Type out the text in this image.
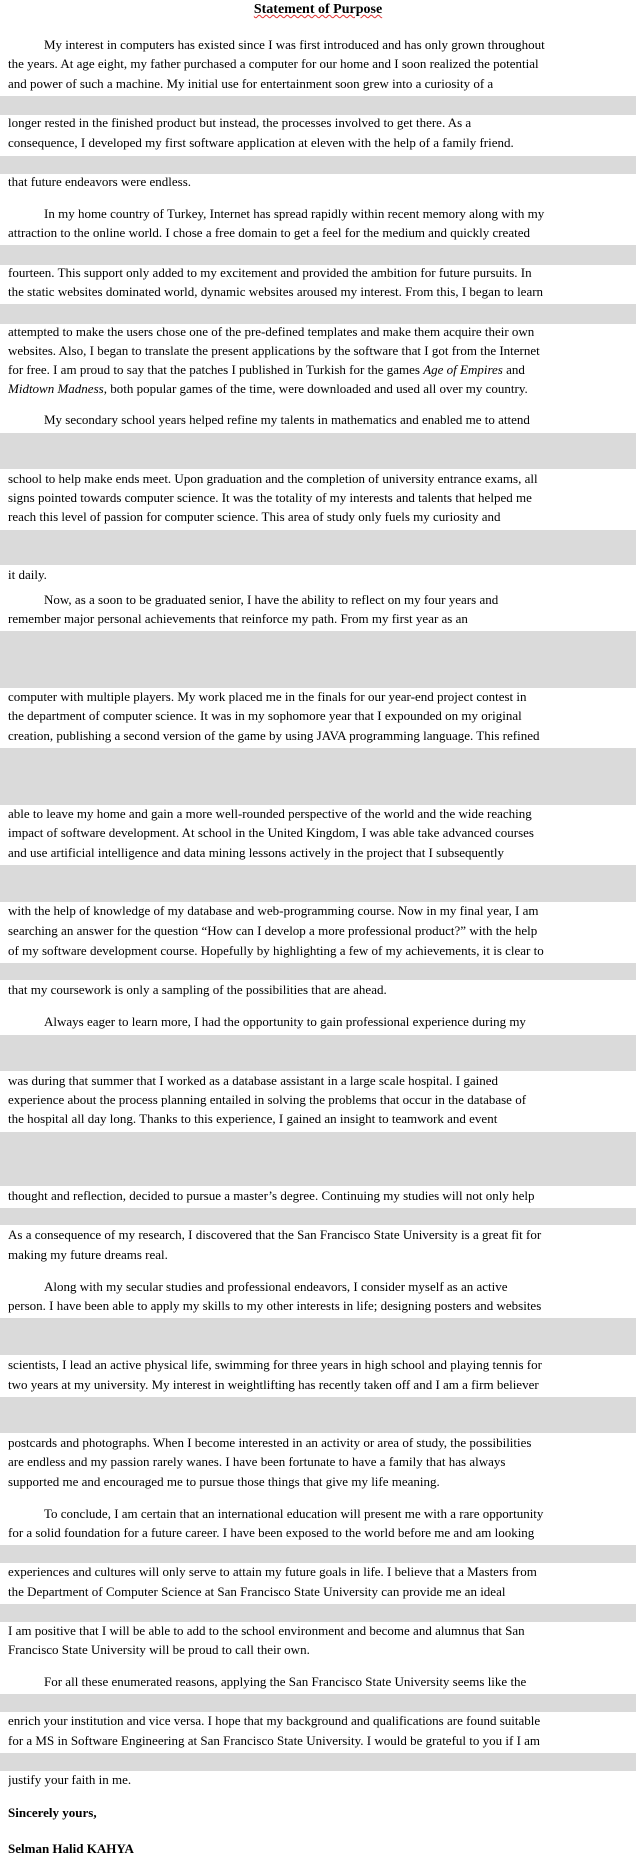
Statement of Purpose
My interest in computers has existed since I was first introduced and has only grown throughout
the years. At age eight, my father purchased a computer for our home and I soon realized the potential
and power of such a machine. My initial use for entertainment soon grew into a curiosity of a
longer rested in the finished product but instead, the processes involved to get there. As a
consequence, I developed my first software application at eleven with the help of a family friend.
that future endeavors were endless.
In my home country of Turkey, Internet has spread rapidly within recent memory along with my
attraction to the online world. I chose a free domain to get a feel for the medium and quickly created
fourteen. This support only added to my excitement and provided the ambition for future pursuits. In
the static websites dominated world, dynamic websites aroused my interest. From this, I began to learn
attempted to make the users chose one of the pre-defined templates and make them acquire their own
websites. Also, I began to translate the present applications by the software that I got from the Internet
for free. I am proud to say that the patches I published in Turkish for the games Age of Empires and
Midtown Madness, both popular games of the time, were downloaded and used all over my country.
My secondary school years helped refine my talents in mathematics and enabled me to attend
school to help make ends meet. Upon graduation and the completion of university entrance exams, all
signs pointed towards computer science. It was the totality of my interests and talents that helped me
reach this level of passion for computer science. This area of study only fuels my curiosity and
it daily.
Now, as a soon to be graduated senior, I have the ability to reflect on my four years and
remember major personal achievements that reinforce my path. From my first year as an
computer with multiple players. My work placed me in the finals for our year-end project contest in
the department of computer science. It was in my sophomore year that I expounded on my original
creation, publishing a second version of the game by using JAVA programming language. This refined
able to leave my home and gain a more well-rounded perspective of the world and the wide reaching
impact of software development. At school in the United Kingdom, I was able take advanced courses
and use artificial intelligence and data mining lessons actively in the project that I subsequently
with the help of knowledge of my database and web-programming course. Now in my final year, I am
searching an answer for the question “How can I develop a more professional product?” with the help
of my software development course. Hopefully by highlighting a few of my achievements, it is clear to
that my coursework is only a sampling of the possibilities that are ahead.
Always eager to learn more, I had the opportunity to gain professional experience during my
was during that summer that I worked as a database assistant in a large scale hospital. I gained
experience about the process planning entailed in solving the problems that occur in the database of
the hospital all day long. Thanks to this experience, I gained an insight to teamwork and event
thought and reflection, decided to pursue a master’s degree. Continuing my studies will not only help
As a consequence of my research, I discovered that the San Francisco State University is a great fit for
making my future dreams real.
Along with my secular studies and professional endeavors, I consider myself as an active
person. I have been able to apply my skills to my other interests in life; designing posters and websites
scientists, I lead an active physical life, swimming for three years in high school and playing tennis for
two years at my university. My interest in weightlifting has recently taken off and I am a firm believer
postcards and photographs. When I become interested in an activity or area of study, the possibilities
are endless and my passion rarely wanes. I have been fortunate to have a family that has always
supported me and encouraged me to pursue those things that give my life meaning.
To conclude, I am certain that an international education will present me with a rare opportunity
for a solid foundation for a future career. I have been exposed to the world before me and am looking
experiences and cultures will only serve to attain my future goals in life. I believe that a Masters from
the Department of Computer Science at San Francisco State University can provide me an ideal
I am positive that I will be able to add to the school environment and become and alumnus that San
Francisco State University will be proud to call their own.
For all these enumerated reasons, applying the San Francisco State University seems like the
enrich your institution and vice versa. I hope that my background and qualifications are found suitable
for a MS in Software Engineering at San Francisco State University. I would be grateful to you if I am
justify your faith in me.
Sincerely yours,
Selman Halid KAHYA
